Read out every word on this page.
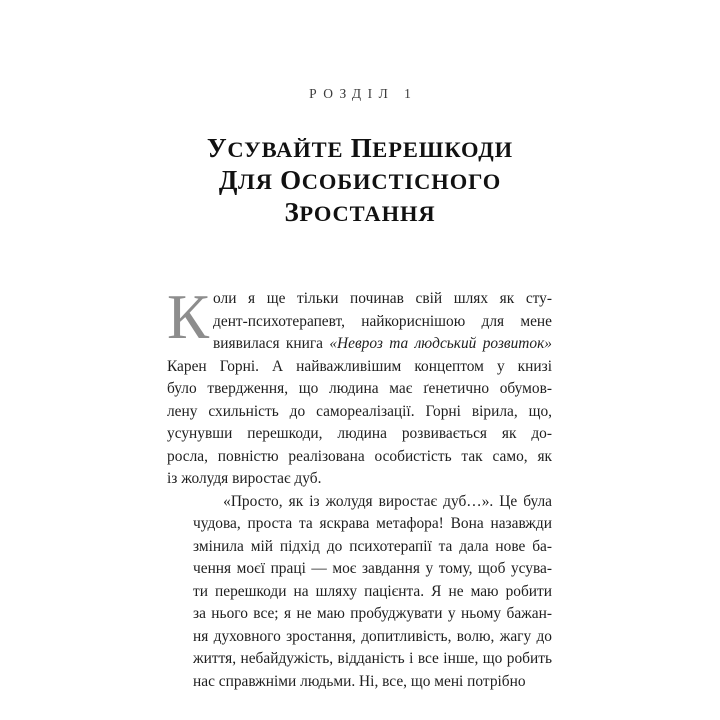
РОЗДІЛ 1
УСУВАЙТЕ ПЕРЕШКОДИ
ДЛЯ ОСОБИСТІСНОГО
ЗРОСТАННЯ

К оли я ще тільки починав свій шлях як сту-
дент-психотерапевт, найкориснішою для мене
виявилася книга «Невроз та людський розвиток»
Карен Горні. А найважливішим концептом у книзі
було твердження, що людина має ґенетично обумов-
лену схильність до самореалізації. Горні вірила, що,
усунувши перешкоди, людина розвивається як до-
росла, повністю реалізована особистість так само, як
із жолудя виростає дуб.

«Просто, як із жолудя виростає дуб…». Це була
чудова, проста та яскрава метафора! Вона назавжди
змінила мій підхід до психотерапії та дала нове ба-
чення моєї праці — моє завдання у тому, щоб усува-
ти перешкоди на шляху пацієнта. Я не маю робити
за нього все; я не маю пробуджувати у ньому бажан-
ня духовного зростання, допитливість, волю, жагу до
життя, небайдужість, відданість і все інше, що робить
нас справжніми людьми. Ні, все, що мені потрібно
